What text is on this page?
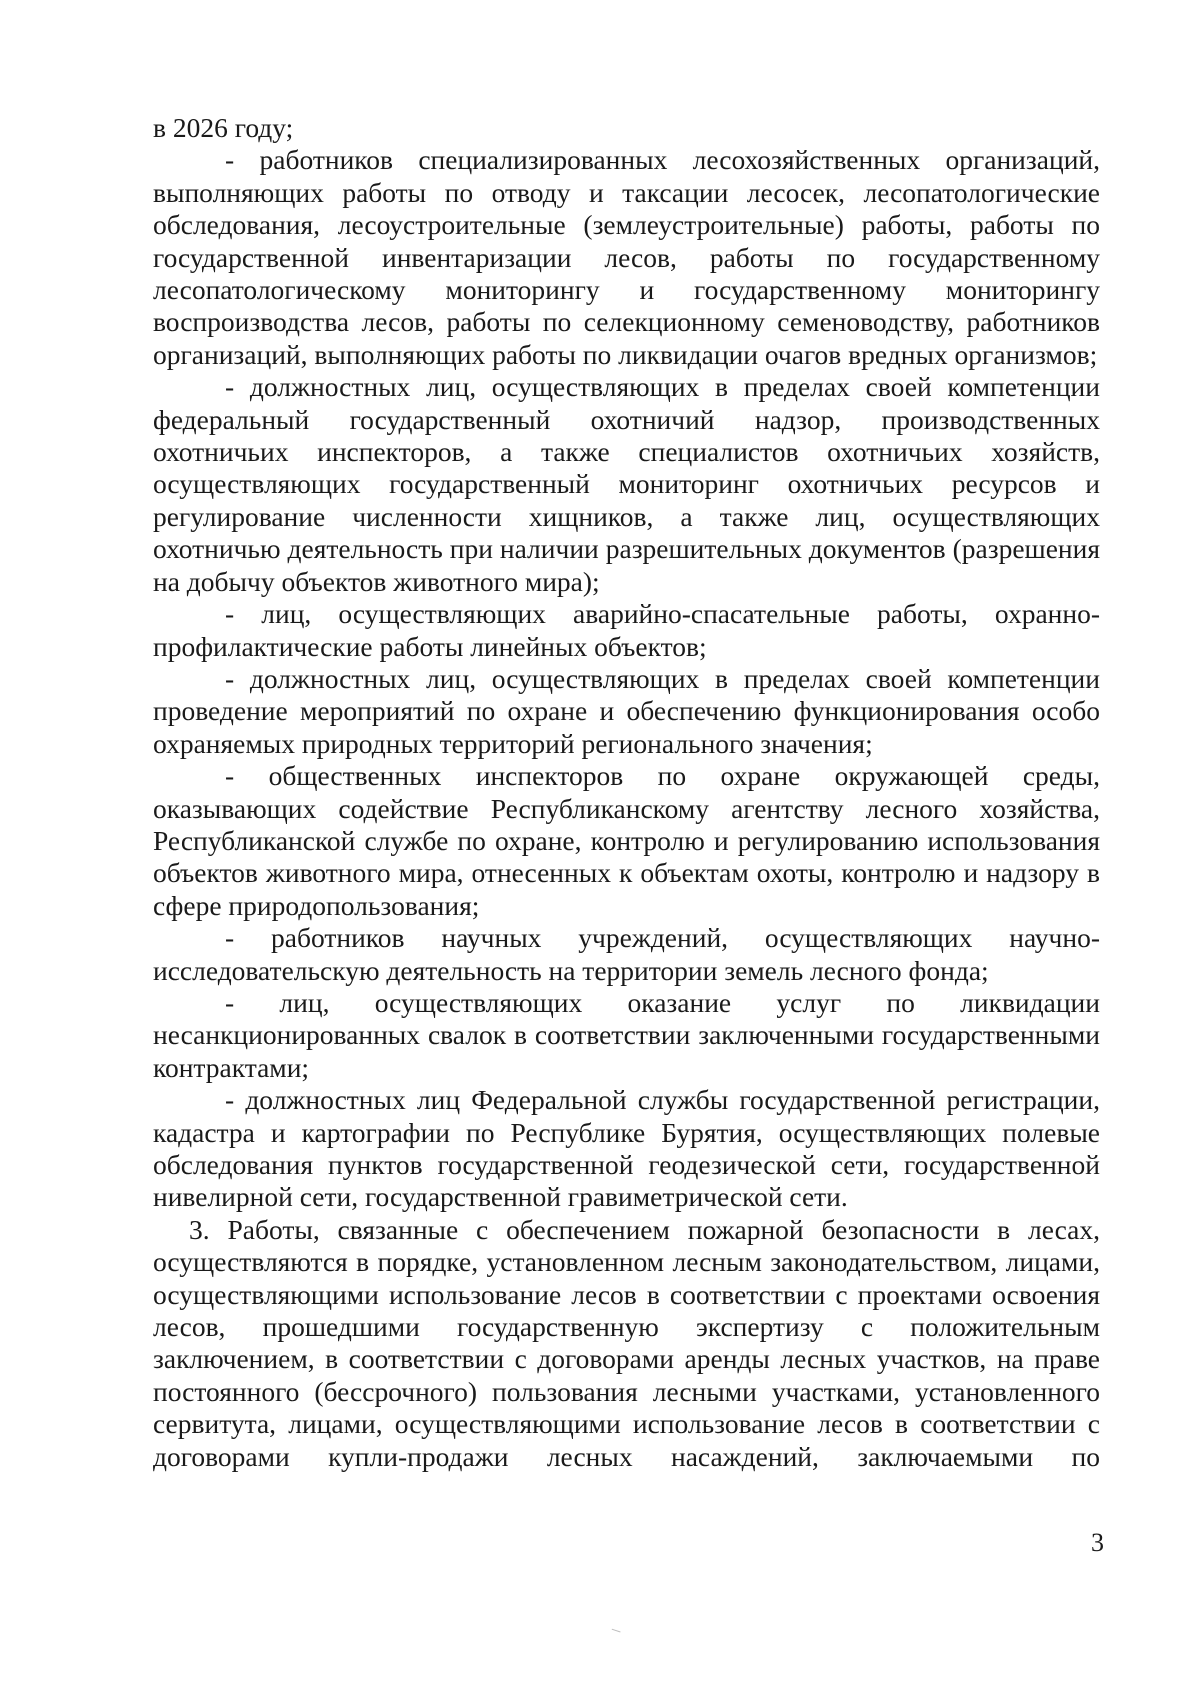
в 2026 году;

- работников специализированных лесохозяйственных организаций, выполняющих работы по отводу и таксации лесосек, лесопатологические обследования, лесоустроительные (землеустроительные) работы, работы по государственной инвентаризации лесов, работы по государственному лесопатологическому мониторингу и государственному мониторингу воспроизводства лесов, работы по селекционному семеноводству, работников организаций, выполняющих работы по ликвидации очагов вредных организмов;

- должностных лиц, осуществляющих в пределах своей компетенции федеральный государственный охотничий надзор, производственных охотничьих инспекторов, а также специалистов охотничьих хозяйств, осуществляющих государственный мониторинг охотничьих ресурсов и регулирование численности хищников, а также лиц, осуществляющих охотничью деятельность при наличии разрешительных документов (разрешения на добычу объектов животного мира);

- лиц, осуществляющих аварийно-спасательные работы, охранно-профилактические работы линейных объектов;

- должностных лиц, осуществляющих в пределах своей компетенции проведение мероприятий по охране и обеспечению функционирования особо охраняемых природных территорий регионального значения;

- общественных инспекторов по охране окружающей среды, оказывающих содействие Республиканскому агентству лесного хозяйства, Республиканской службе по охране, контролю и регулированию использования объектов животного мира, отнесенных к объектам охоты, контролю и надзору в сфере природопользования;

- работников научных учреждений, осуществляющих научно-исследовательскую деятельность на территории земель лесного фонда;

- лиц, осуществляющих оказание услуг по ликвидации несанкционированных свалок в соответствии заключенными государственными контрактами;

- должностных лиц Федеральной службы государственной регистрации, кадастра и картографии по Республике Бурятия, осуществляющих полевые обследования пунктов государственной геодезической сети, государственной нивелирной сети, государственной гравиметрической сети.

3. Работы, связанные с обеспечением пожарной безопасности в лесах, осуществляются в порядке, установленном лесным законодательством, лицами, осуществляющими использование лесов в соответствии с проектами освоения лесов, прошедшими государственную экспертизу с положительным заключением, в соответствии с договорами аренды лесных участков, на праве постоянного (бессрочного) пользования лесными участками, установленного сервитута, лицами, осуществляющими использование лесов в соответствии с договорами купли-продажи лесных насаждений, заключаемыми по

3
